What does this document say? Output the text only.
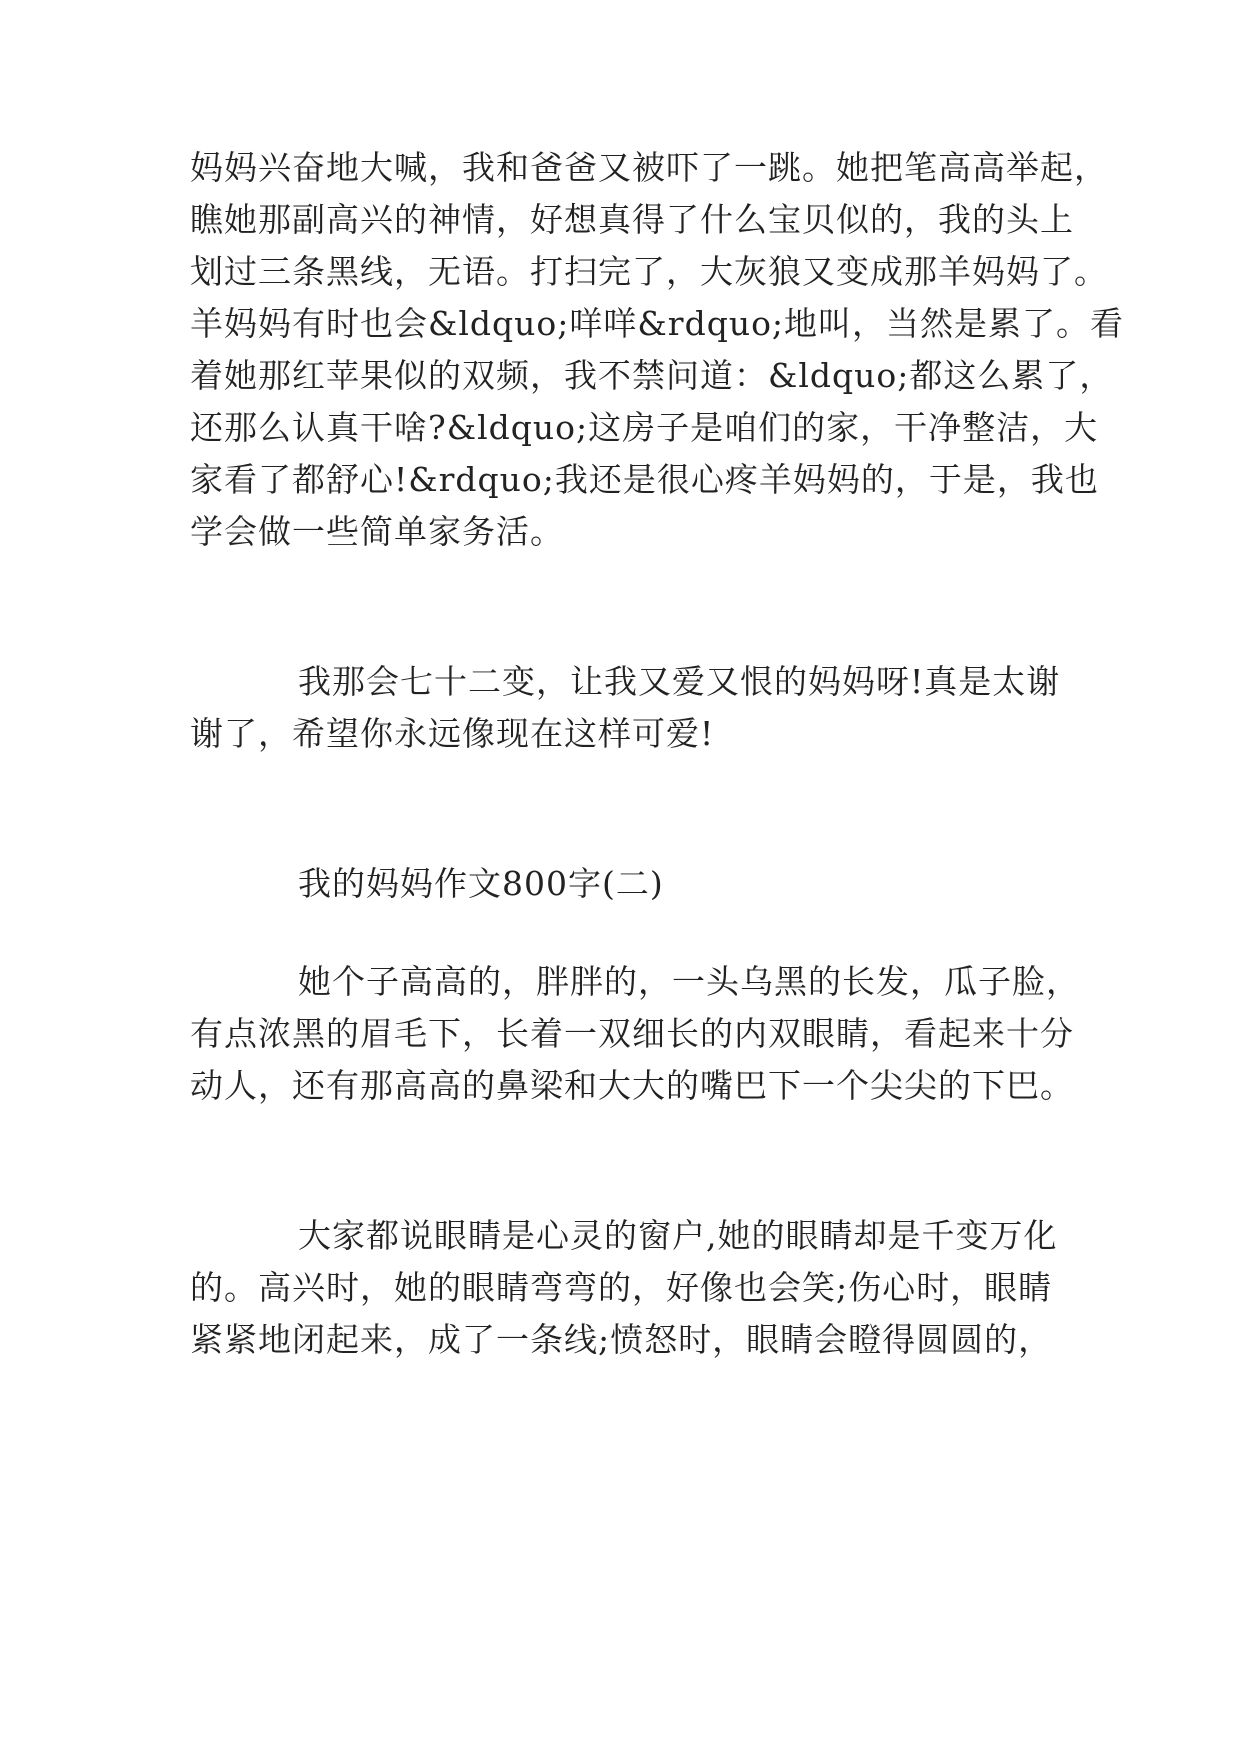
妈妈兴奋地大喊，我和爸爸又被吓了一跳。她把笔高高举起，
瞧她那副高兴的神情，好想真得了什么宝贝似的，我的头上
划过三条黑线，无语。打扫完了，大灰狼又变成那羊妈妈了。
羊妈妈有时也会&ldquo;咩咩&rdquo;地叫，当然是累了。看
着她那红苹果似的双频，我不禁问道：&ldquo;都这么累了，
还那么认真干啥?&ldquo;这房子是咱们的家，干净整洁，大
家看了都舒心!&rdquo;我还是很心疼羊妈妈的，于是，我也
学会做一些简单家务活。
我那会七十二变，让我又爱又恨的妈妈呀!真是太谢
谢了，希望你永远像现在这样可爱!
我的妈妈作文800字(二)
她个子高高的，胖胖的，一头乌黑的长发，瓜子脸，
有点浓黑的眉毛下，长着一双细长的内双眼睛，看起来十分
动人，还有那高高的鼻梁和大大的嘴巴下一个尖尖的下巴。
大家都说眼睛是心灵的窗户,她的眼睛却是千变万化
的。高兴时，她的眼睛弯弯的，好像也会笑;伤心时，眼睛
紧紧地闭起来，成了一条线;愤怒时，眼睛会瞪得圆圆的，
